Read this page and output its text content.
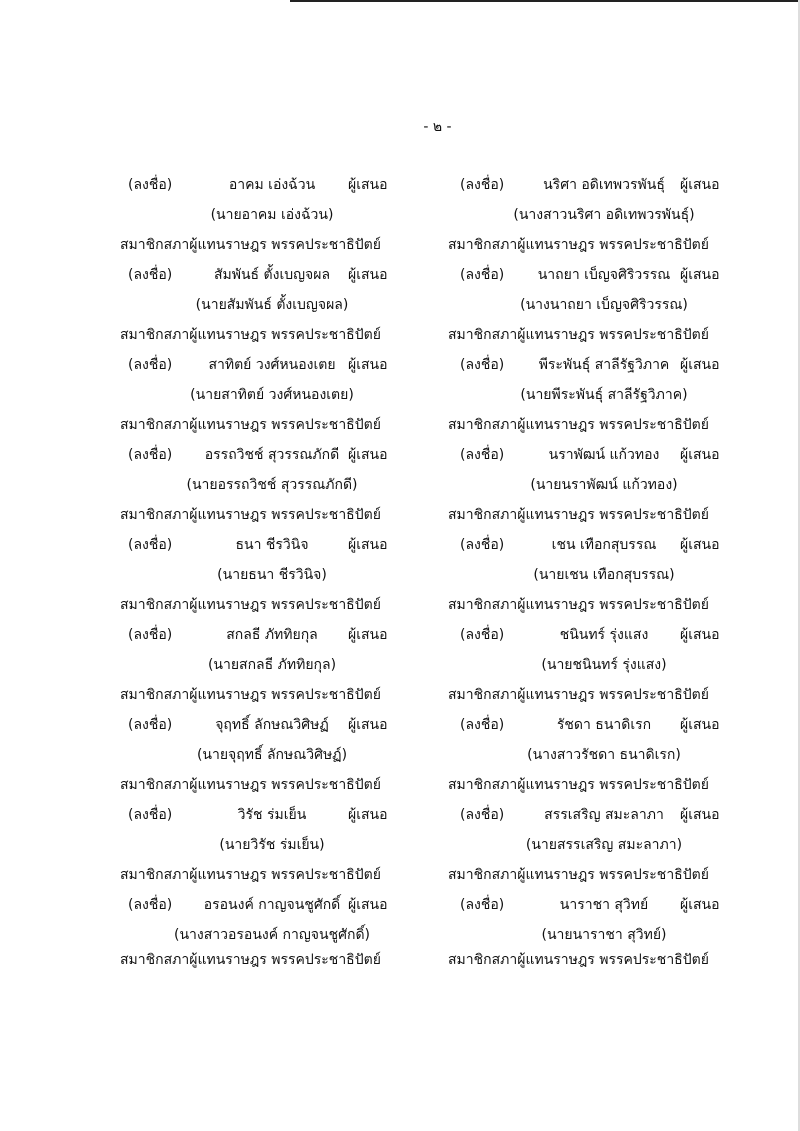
- ๒ -
(ลงชื่อ)	อาคม เอ่งฉ้วน	ผู้เสนอ
(นายอาคม เอ่งฉ้วน)
สมาชิกสภาผู้แทนราษฎร พรรคประชาธิปัตย์
(ลงชื่อ)	สัมพันธ์ ตั้งเบญจผล	ผู้เสนอ
(นายสัมพันธ์ ตั้งเบญจผล)
สมาชิกสภาผู้แทนราษฎร พรรคประชาธิปัตย์
(ลงชื่อ)	สาทิตย์ วงศ์หนองเตย ผู้เสนอ
(นายสาทิตย์ วงศ์หนองเตย)
สมาชิกสภาผู้แทนราษฎร พรรคประชาธิปัตย์
(ลงชื่อ)	อรรถวิชช์ สุวรรณภักดี ผู้เสนอ
(นายอรรถวิชช์ สุวรรณภักดี)
สมาชิกสภาผู้แทนราษฎร พรรคประชาธิปัตย์
(ลงชื่อ)	ธนา ชีรวินิจ	ผู้เสนอ
(นายธนา ชีรวินิจ)
สมาชิกสภาผู้แทนราษฎร พรรคประชาธิปัตย์
(ลงชื่อ)	สกลธี ภัททิยกุล	ผู้เสนอ
(นายสกลธี ภัททิยกุล)
สมาชิกสภาผู้แทนราษฎร พรรคประชาธิปัตย์
(ลงชื่อ)	จุฤทธิ์ ลักษณวิศิษฏ์	ผู้เสนอ
(นายจุฤทธิ์ ลักษณวิศิษฏ์)
สมาชิกสภาผู้แทนราษฎร พรรคประชาธิปัตย์
(ลงชื่อ)	วิรัช ร่มเย็น	ผู้เสนอ
(นายวิรัช ร่มเย็น)
สมาชิกสภาผู้แทนราษฎร พรรคประชาธิปัตย์
(ลงชื่อ)	อรอนงค์ กาญจนชูศักดิ์ ผู้เสนอ
(นางสาวอรอนงค์ กาญจนชูศักดิ์)
(ลงชื่อ)	นริศา อดิเทพวรพันธุ์	ผู้เสนอ
(นางสาวนริศา อดิเทพวรพันธุ์)
สมาชิกสภาผู้แทนราษฎร พรรคประชาธิปัตย์
(ลงชื่อ)	นาถยา เบ็ญจศิริวรรณ ผู้เสนอ
(นางนาถยา เบ็ญจศิริวรรณ)
สมาชิกสภาผู้แทนราษฎร พรรคประชาธิปัตย์
(ลงชื่อ)	พีระพันธุ์ สาลีรัฐวิภาค ผู้เสนอ
(นายพีระพันธุ์ สาลีรัฐวิภาค)
สมาชิกสภาผู้แทนราษฎร พรรคประชาธิปัตย์
(ลงชื่อ)	นราพัฒน์ แก้วทอง	ผู้เสนอ
(นายนราพัฒน์ แก้วทอง)
สมาชิกสภาผู้แทนราษฎร พรรคประชาธิปัตย์
(ลงชื่อ)	เชน เทือกสุบรรณ	ผู้เสนอ
(นายเชน เทือกสุบรรณ)
สมาชิกสภาผู้แทนราษฎร พรรคประชาธิปัตย์
(ลงชื่อ)	ชนินทร์ รุ่งแสง	ผู้เสนอ
(นายชนินทร์ รุ่งแสง)
สมาชิกสภาผู้แทนราษฎร พรรคประชาธิปัตย์
(ลงชื่อ)	รัชดา ธนาดิเรก	ผู้เสนอ
(นางสาวรัชดา ธนาดิเรก)
สมาชิกสภาผู้แทนราษฎร พรรคประชาธิปัตย์
(ลงชื่อ)	สรรเสริญ สมะลาภา	ผู้เสนอ
(นายสรรเสริญ สมะลาภา)
สมาชิกสภาผู้แทนราษฎร พรรคประชาธิปัตย์
(ลงชื่อ)	นาราชา สุวิทย์	ผู้เสนอ
(นายนาราชา สุวิทย์)
สมาชิกสภาผู้แทนราษฎร พรรคประชาธิปัตย์	สมาชิกสภาผู้แทนราษฎร พรรคประชาธิปัตย์
